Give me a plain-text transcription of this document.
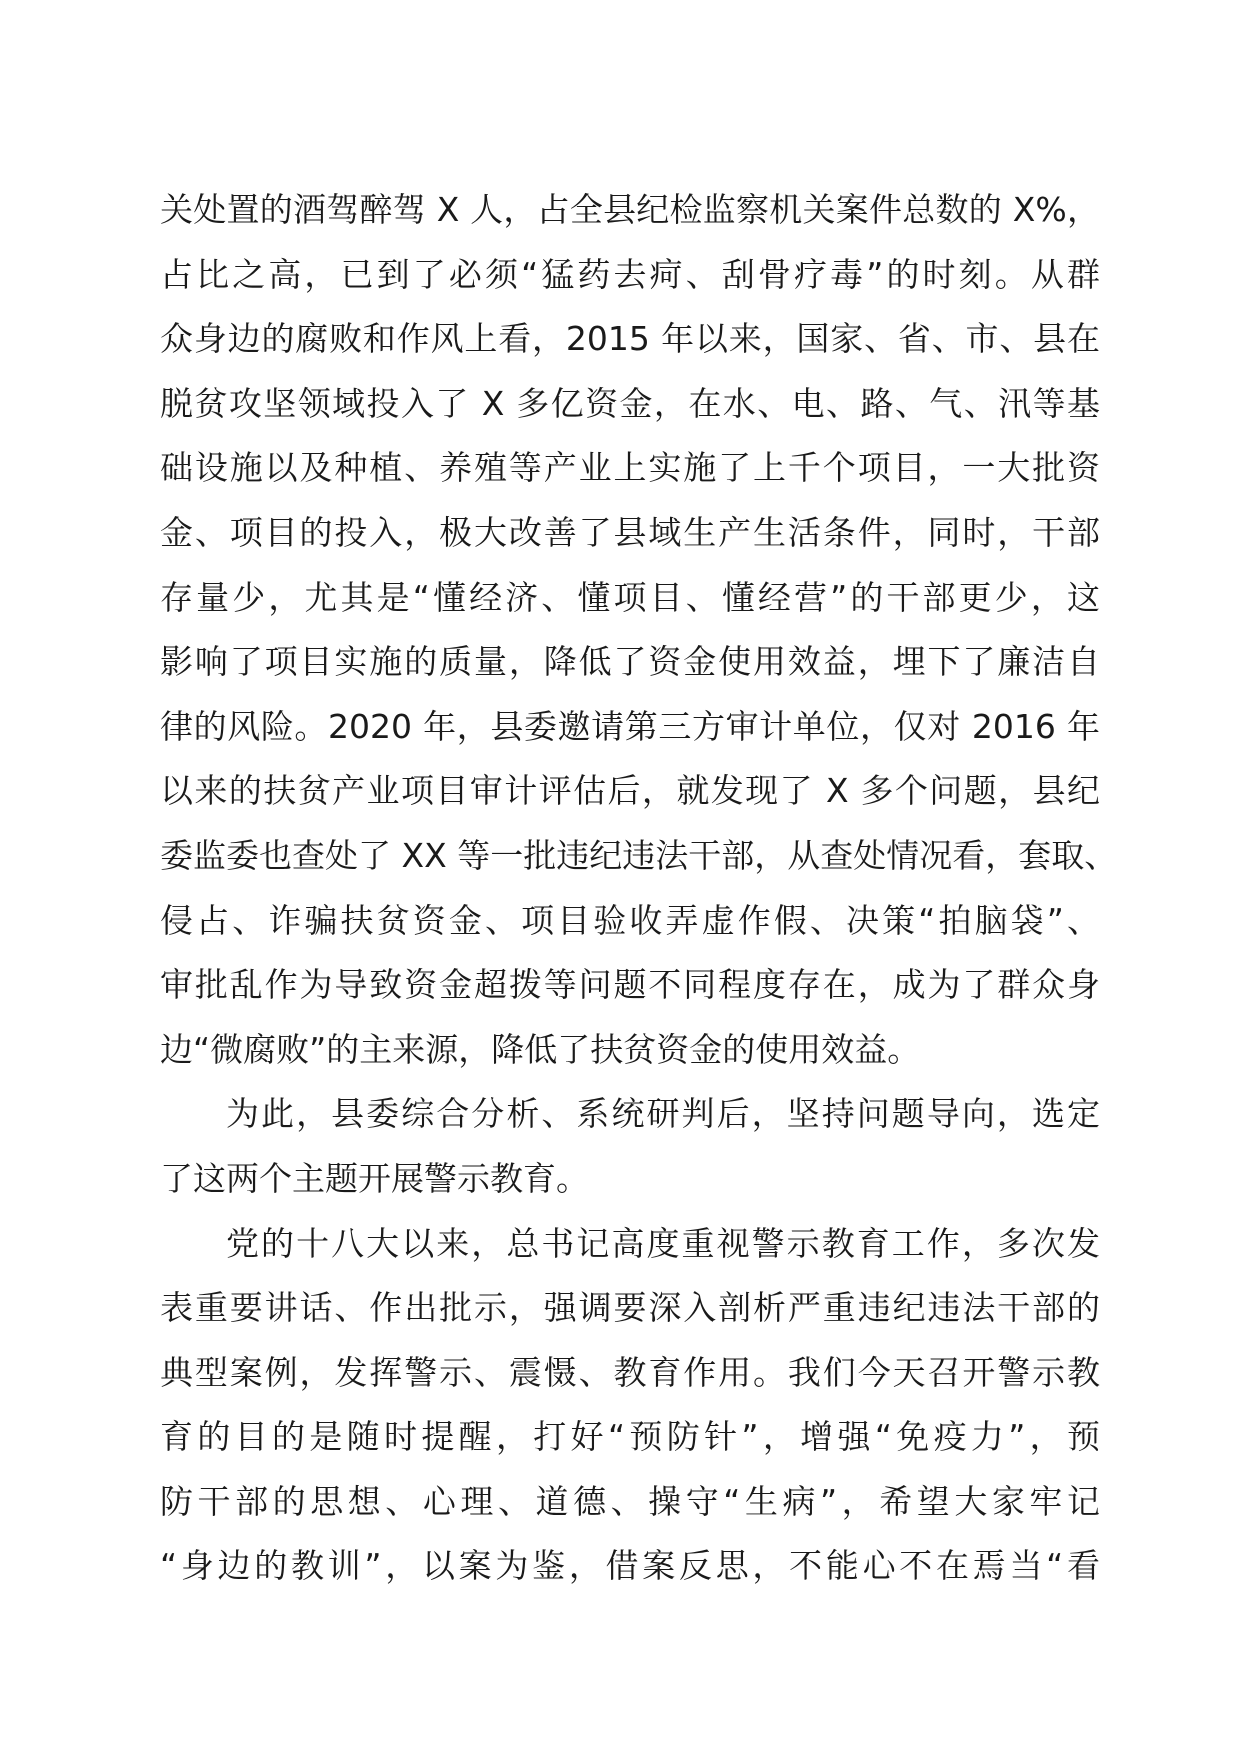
关处置的酒驾醉驾 X 人，占全县纪检监察机关案件总数的 X%，
占比之高，已到了必须“猛药去疴、刮骨疗毒”的时刻。从群
众身边的腐败和作风上看，2015 年以来，国家、省、市、县在
脱贫攻坚领域投入了 X 多亿资金，在水、电、路、气、汛等基
础设施以及种植、养殖等产业上实施了上千个项目，一大批资
金、项目的投入，极大改善了县域生产生活条件，同时，干部
存量少，尤其是“懂经济、懂项目、懂经营”的干部更少，这
影响了项目实施的质量，降低了资金使用效益，埋下了廉洁自
律的风险。2020 年，县委邀请第三方审计单位，仅对 2016 年
以来的扶贫产业项目审计评估后，就发现了 X 多个问题，县纪
委监委也查处了 XX 等一批违纪违法干部，从查处情况看，套取、
侵占、诈骗扶贫资金、项目验收弄虚作假、决策“拍脑袋”、
审批乱作为导致资金超拨等问题不同程度存在，成为了群众身
边“微腐败”的主来源，降低了扶贫资金的使用效益。
为此，县委综合分析、系统研判后，坚持问题导向，选定
了这两个主题开展警示教育。
党的十八大以来，总书记高度重视警示教育工作，多次发
表重要讲话、作出批示，强调要深入剖析严重违纪违法干部的
典型案例，发挥警示、震慑、教育作用。我们今天召开警示教
育的目的是随时提醒，打好“预防针”，增强“免疫力”，预
防干部的思想、心理、道德、操守“生病”，希望大家牢记
“身边的教训”，以案为鉴，借案反思，不能心不在焉当“看
